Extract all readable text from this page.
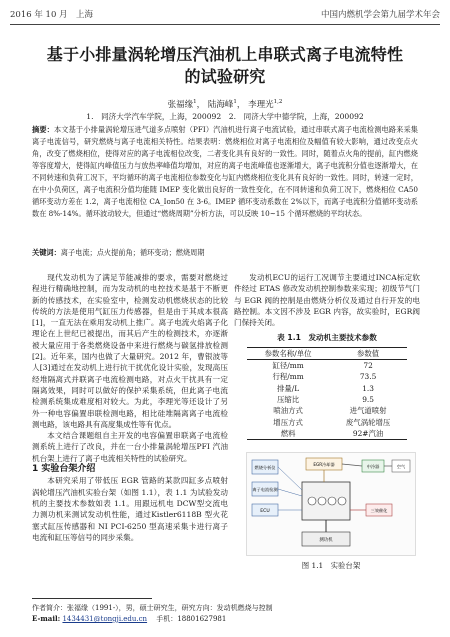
2016 年 10 月　上海	中国内燃机学会第九届学术年会
基于小排量涡轮增压汽油机上串联式离子电流特性
的试验研究
张福缘$^1$， 陆海峰$^1$， 李理光$^{1,2}$
1.　同济大学汽车学院，上海，200092　2.　同济大学中德学院，上海，200092
摘要：本文基于小排量涡轮增压进气道多点喷射（PFI）汽油机进行离子电流试验，通过串联式离子电流检测电路来采集离子电流信号，研究燃烧与离子电流相关特性。结果表明：燃烧相位对离子电流相位及幅值有较大影响，通过改变点火角，改变了燃烧相位，使得对应的离子电流相位改变，二者变化具有良好的一致性。同时，随着点火角的提前，缸内燃烧等容度增大，使得缸内峰值压力与放热率峰值均增加，对应的离子电流峰值也逐渐增大，离子电流积分值也逐渐增大，在不同转速和负荷工况下，平均循环的离子电流相位参数变化与缸内燃烧相位变化具有良好的一致性。同时，转速一定时，在中小负荷区，离子电流积分值均能随 IMEP 变化做出良好的一致性变化，在不同转速和负荷工况下，燃烧相位 CA50 循环变动方差在 1.2，离子电流相位 CA_Ion50 在 3-6。IMEP 循环变动系数在 2%以下，而离子电流积分值循环变动系数在 8%-14%。循环波动较大，但通过“燃烧周期”分析方法，可以反映 10~15 个循环燃烧的平均状态。
关键词：离子电流；点火提前角；循环变动；燃烧周期

现代发动机为了满足节能减排的要求，需要对燃烧过程进行精确地控制，而为发动机的电控技术是基于不断更新的传感技术，在实验室中，检测发动机燃烧状态的比较传统的方法是使用气缸压力传感器，但是由于其成本很高[1]，一直无法在乘用发动机上推广。离子电流火焰离子化理论在上世纪已被提出，而其后产生的检测技术，亦逐渐被大量应用于各类燃烧设备中来进行燃烧与碳氢排放检测[2]。近年来，国内也做了大量研究。2012 年，曹银波等人[3]通过在发动机上进行抗干扰优化设计实验，发现高压经堆隔离式并联离子电流检测电路，对点火干扰具有一定隔离效果，同时可以做好的保护采集系统，但此离子电流检测系统集成难度相对较大。为此，李理光等还设计了另外一种电容偏置串联检测电路，相比硅堆隔离离子电流检测电路，该电路具有高度集成性等有优点。

本文结合课题组自主开发的电容偏置串联离子电流检测系统上进行了改良，并在一台小排量涡轮增压PFI 汽油机台架上进行了离子电流相关特性的试验研究。

1 实验台架介绍

本研究采用了带低压 EGR 管路的某款四缸多点喷射涡轮增压汽油机实验台架（如图 1.1），表 1.1 为试验发动机的主要技术参数如表 1.1。用跟远机电 DCW型交流电力测功机来测试发动机性能，通过Kistler6118B 型火花塞式缸压传感器和 NI PCI-6250 型高速采集卡进行离子电流和缸压等信号的同步采集。

发动机ECU的运行工况调节主要通过INCA标定软件经过 ETAS 修改发动机控制参数来实现；初级节气门与 EGR 阀的控制是由燃烧分析仪及通过自行开发的电路控制。本文因不涉及 EGR 内容，故实验时，EGR阀门保持关闭。

表 1.1　发动机主要技术参数
参数名称/单位	参数值
缸径/mm	72
行程/mm	73.5
排量/L	1.3
压缩比	9.5
喷油方式	进气道喷射
增压方式	废气涡轮增压
燃料	92#汽油
燃烧分析仪
离子电流检测
ECU
EGR冷却器	中冷器	空气
测功机
三效催化
图 1.1　实验台架
作者简介：张福缘（1991-），男，硕士研究生，研究方向：发动机燃烧与控制
E-mail: 1434431@tongji.edu.cn 　手机：18801627981
